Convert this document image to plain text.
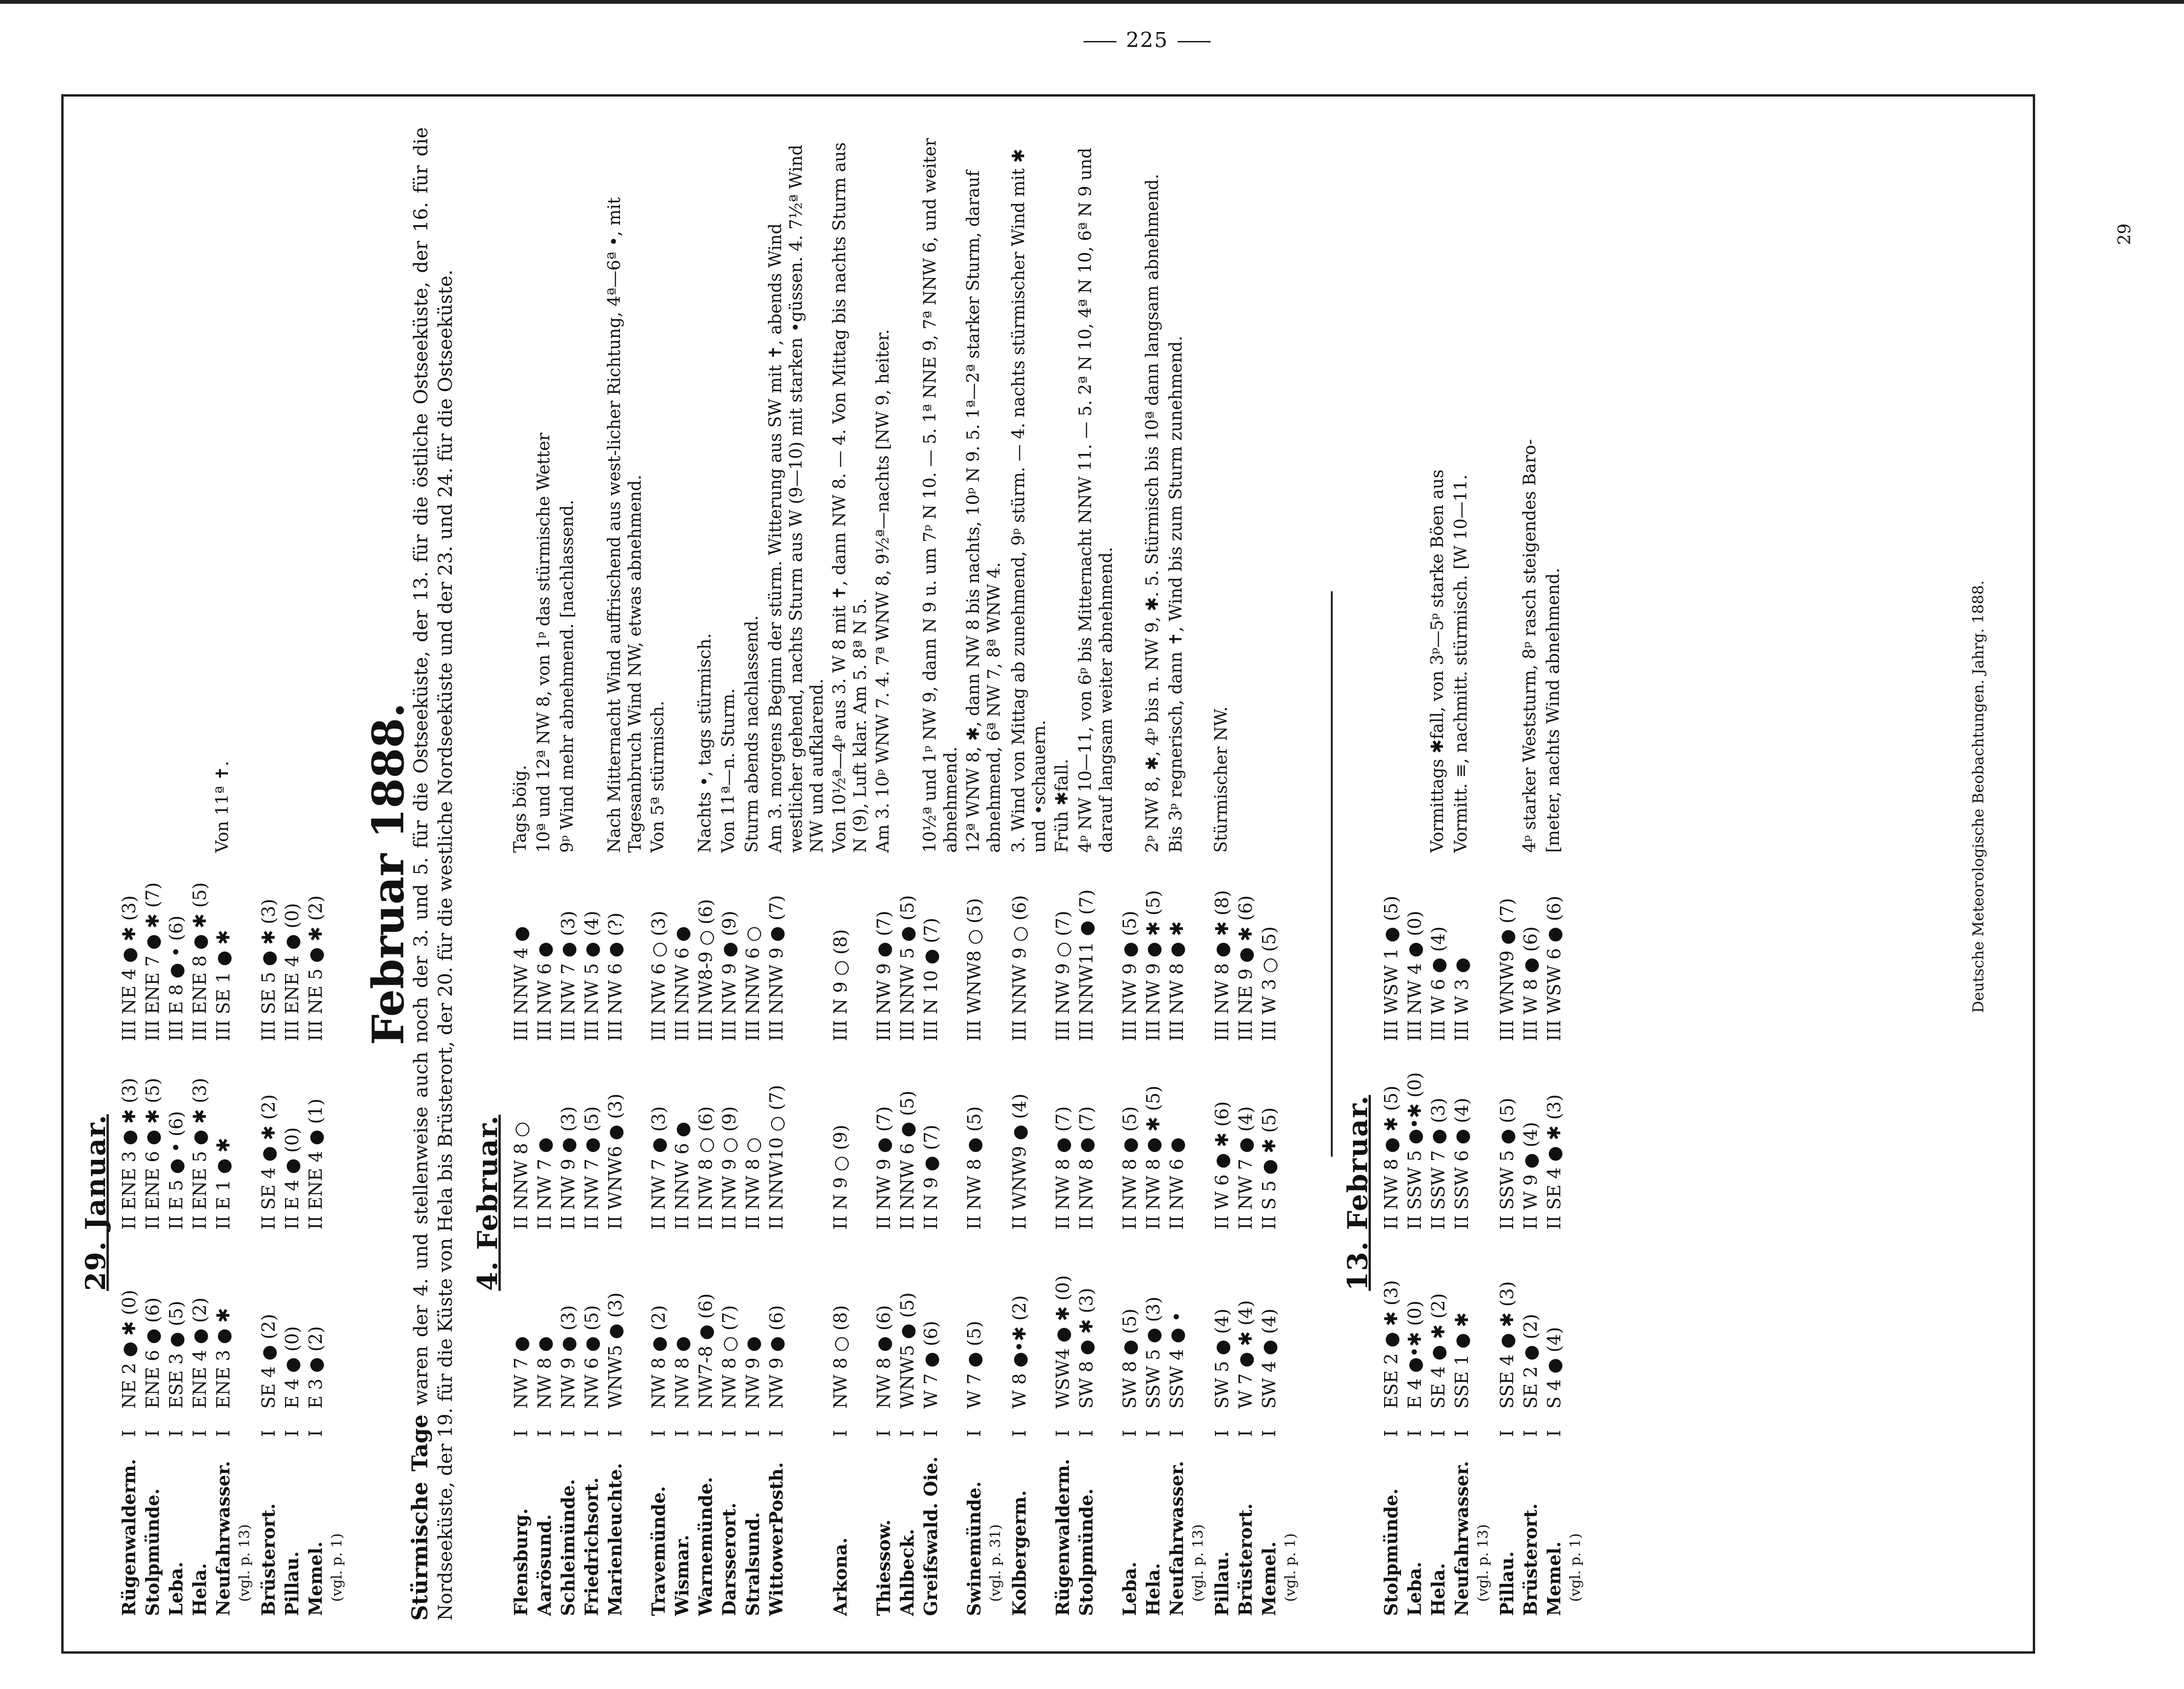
225
29. Januar.
Rügenwalderm.	I	NE 2 ● ✱ (0)	II ENE 3 ● ✱ (3)	III NE 4 ● ✱ (3)	
Stolpmünde.	I	ENE 6 ● (6)	II ENE 6 ● ✱ (5)	III ENE 7 ● ✱ (7)	
Leba.	I	ESE 3 ● (5)	II E 5 ● • (6)	III E 8 ● • (6)	
Hela.	I	ENE 4 ● (2)	II ENE 5 ● ✱ (3)	III ENE 8 ● ✱ (5)	
Neufahrwasser. (vgl. p. 13)	I	ENE 3 ● ✱	II E 1 ● ✱	III SE 1 ● ✱	Von 11ª ✝.
Brüsterort.	I	SE 4 ● (2)	II SE 4 ● ✱ (2)	III SE 5 ● ✱ (3)	
Pillau.	I	E 4 ● (0)	II E 4 ● (0)	III ENE 4 ● (0)	
Memel. (vgl. p. 1)	I	E 3 ● (2)	II ENE 4 ● (1)	III NE 5 ● ✱ (2)	Februar 1888.

Stürmische Tage waren der 4. und stellenweise auch noch der 3. und 5. für die Ostseeküste, der 13. für die östliche Ostseeküste, der 16. für die Nordseeküste, der 19. für die Küste von Hela bis Brüsterort, der 20. für die westliche Nordseeküste und der 23. und 24. für die Ostseeküste. 4. Februar.
Flensburg.	I	NW 7 ●	II NNW 8 ○	III NNW 4 ●	Tags böig.
Aarösund.	I	NW 8 ●	II NW 7 ●	III NW 6 ●	10ª und 12ª NW 8, von 1ᵖ das stürmische Wetter
Schleimünde.	I	NW 9 ● (3)	II NW 9 ● (3)	III NW 7 ● (3)	9ᵖ Wind mehr abnehmend. [nachlassend.
Friedrichsort.	I	NW 6 ● (5)	II NW 7 ● (5)	III NW 5 ● (4)	
Marienleuchte.	I	WNW5 ● (3)	II WNW6 ● (3)	III NW 6 ● (?)	Nach Mitternacht Wind auffrischend aus west-licher Richtung, 4ª—6ª •, mit Tagesanbruch Wind NW, etwas abnehmend.
Travemünde.	I	NW 8 ● (2)	II NW 7 ● (3)	III NW 6 ○ (3)	Von 5ª stürmisch.
Wismar.	I	NW 8 ●	II NNW 6 ●	III NNW 6 ●	
Warnemünde.	I	NW7-8 ● (6)	II NW 8 ○ (6)	III NW8-9 ○ (6)	Nachts •, tags stürmisch.
Darsserort.	I	NW 8 ○ (7)	II NW 9 ○ (9)	III NW 9 ● (9)	Von 11ª—n. Sturm.
Stralsund.	I	NW 9 ●	II NW 8 ○	III NNW 6 ○	Sturm abends nachlassend.
WittowerPosth.	I	NW 9 ● (6)	II NNW10 ○ (7)	III NNW 9 ● (7)	Am 3. morgens Beginn der stürm. Witterung aus SW mit ✝, abends Wind westlicher gehend, nachts Sturm aus W (9—10) mit starken •güssen. 4. 7½ª Wind NW und aufklarend.
Arkona.	I	NW 8 ○ (8)	II N 9 ○ (9)	III N 9 ○ (8)	Von 10½ª—4ᵖ aus 3. W 8 mit ✝, dann NW 8. — 4. Von Mittag bis nachts Sturm aus N (9), Luft klar. Am 5. 8ª N 5.
Thiessow.	I	NW 8 ● (6)	II NW 9 ● (7)	III NW 9 ● (7)	Am 3. 10ᵖ WNW 7. 4. 7ª WNW 8, 9½ª—nachts [NW 9, heiter.
Ahlbeck.	I	WNW5 ● (5)	II NNW 6 ● (5)	III NNW 5 ● (5)	
Greifswald. Oie.	I	W 7 ● (6)	II N 9 ● (7)	III N 10 ● (7)	10½ª und 1ᵖ NW 9, dann N 9 u. um 7ᵖ N 10. — 5. 1ª NNE 9, 7ª NNW 6, und weiter abnehmend.
Swinemünde. (vgl. p. 31)	I	W 7 ● (5)	II NW 8 ● (5)	III WNW8 ○ (5)	12ª WNW 8, ✱, dann NW 8 bis nachts, 10ᵖ N 9. 5. 1ª—2ª starker Sturm, darauf abnehmend, 6ª NW 7, 8ª WNW 4.
Kolbergerm.	I	W 8 ●•✱ (2)	II WNW9 ● (4)	III NNW 9 ○ (6)	3. Wind von Mittag ab zunehmend, 9ᵖ stürm. — 4. nachts stürmischer Wind mit ✱ und •schauern.
Rügenwalderm.	I	WSW4 ● ✱ (0)	II NW 8 ● (7)	III NW 9 ○ (7)	Früh ✱fall.
Stolpmünde.	I	SW 8 ● ✱ (3)	II NW 8 ● (7)	III NNW11 ● (7)	4ᵖ NW 10—11, von 6ᵖ bis Mitternacht NNW 11. — 5. 2ª N 10, 4ª N 10, 6ª N 9 und darauf langsam weiter abnehmend.
Leba.	I	SW 8 ● (5)	II NW 8 ● (5)	III NW 9 ● (5)	
Hela.	I	SSW 5 ● (3)	II NW 8 ● ✱ (5)	III NW 9 ● ✱ (5)	2ᵖ NW 8, ✱, 4ᵖ bis n. NW 9, ✱. 5. Stürmisch bis 10ª dann langsam abnehmend.
Neufahrwasser. (vgl. p. 13)	I	SSW 4 ● •	II NW 6 ●	III NW 8 ● ✱	Bis 3ᵖ regnerisch, dann ✝, Wind bis zum Sturm zunehmend.
Pillau.	I	SW 5 ● (4)	II W 6 ● ✱ (6)	III NW 8 ● ✱ (8)	Stürmischer NW.
Brüsterort.	I	W 7 ● ✱ (4)	II NW 7 ● (4)	III NE 9 ● ✱ (6)	
Memel. (vgl. p. 1)	I	SW 4 ● (4)	II S 5 ● ✱ (5)	III W 3 ○ (5)	
13. Februar.
Stolpmünde.	I	ESE 2 ● ✱ (3)	II NW 8 ● ✱ (5)	III WSW 1 ● (5)	
Leba.	I	E 4 ●•✱ (0)	II SSW 5 ●•✱ (0)	III NW 4 ● (0)	
Hela.	I	SE 4 ● ✱ (2)	II SSW 7 ● (3)	III W 6 ● (4)	Vormittags ✱fall, von 3ᵖ—5ᵖ starke Böen aus
Neufahrwasser. (vgl. p. 13)	I	SSE 1 ● ✱	II SSW 6 ● (4)	III W 3 ●	Vormitt. ≡, nachmitt. stürmisch. [W 10—11.
Pillau.	I	SSE 4 ● ✱ (3)	II SSW 5 ● (5)	III WNW9 ● (7)	
Brüsterort.	I	SE 2 ● (2)	II W 9 ● (4)	III W 8 ● (6)	4ᵖ starker Weststurm, 8ᵖ rasch steigendes Baro-
Memel. (vgl. p. 1)	I	S 4 ● (4)	II SE 4 ● ✱ (3)	III WSW 6 ● (6)	[meter, nachts Wind abnehmend.	Deutsche Meteorologische Beobachtungen. Jahrg. 1888.
29
